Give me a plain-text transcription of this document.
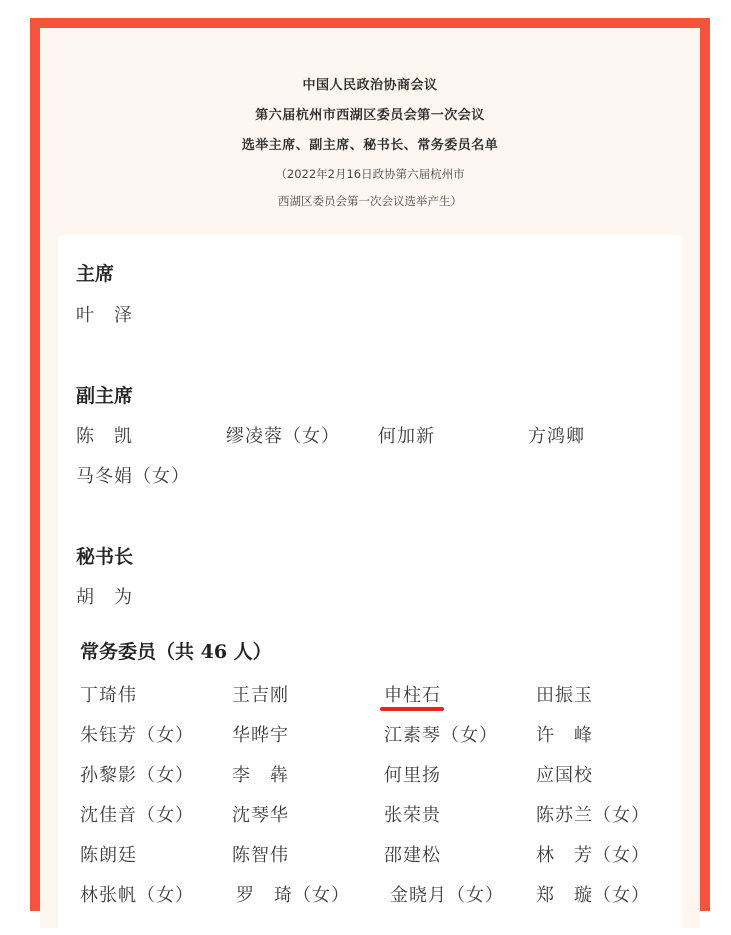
中国人民政治协商会议
第六届杭州市西湖区委员会第一次会议
选举主席、副主席、秘书长、常务委员名单
（2022年2月16日政协第六届杭州市
西湖区委员会第一次会议选举产生）
主席
叶　泽
副主席
陈　凯	缪凌蓉（女） 何加新	方鸿卿
马冬娟（女）
秘书长
胡　为
常务委员（共 46 人）
丁琦伟	王吉刚	申柱石	田振玉
朱钰芳（女） 华晔宇	江素琴（女） 许　峰
孙黎影（女） 李　犇	何里扬	应国校
沈佳音（女） 沈琴华	张荣贵	陈苏兰（女）
陈朗廷	陈智伟	邵建松	林　芳（女）
林张帆（女） 罗　琦（女） 金晓月（女） 郑　璇（女）
